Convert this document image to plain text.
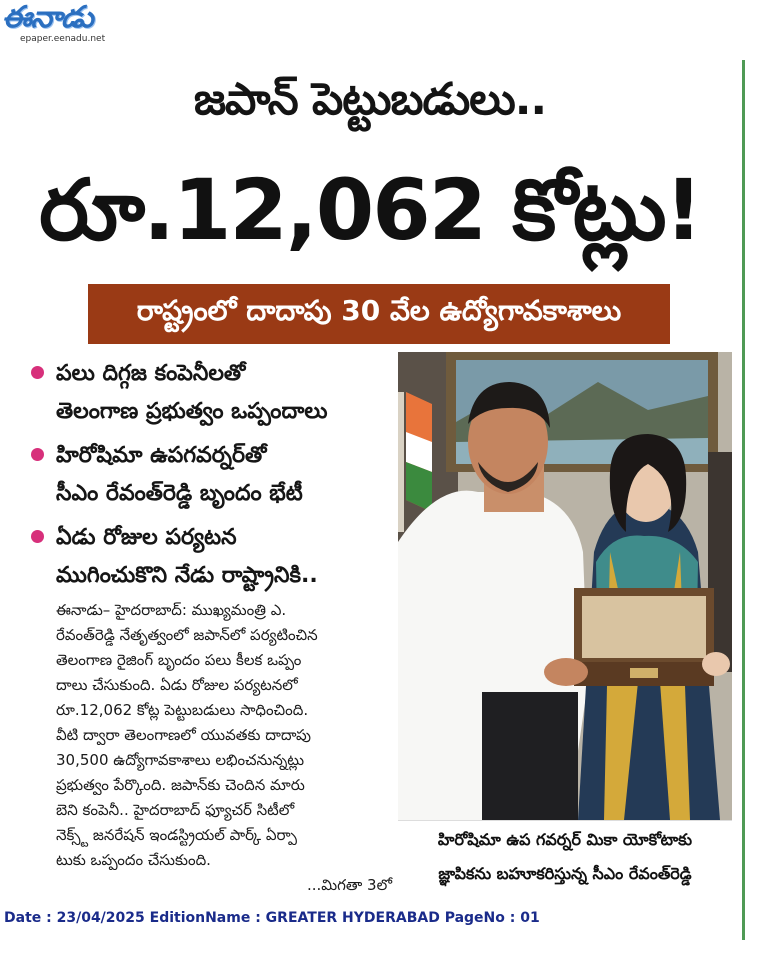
ఈనాడు
epaper.eenadu.net
జపాన్ పెట్టుబడులు..
రూ.12,062 కోట్లు!
రాష్ట్రంలో దాదాపు 30 వేల ఉద్యోగావకాశాలు
పలు దిగ్గజ కంపెనీలతో
తెలంగాణ ప్రభుత్వం ఒప్పందాలు
హిరోషిమా ఉపగవర్నర్‌తో
సీఎం రేవంత్‌రెడ్డి బృందం భేటీ
ఏడు రోజుల పర్యటన
ముగించుకొని నేడు రాష్ట్రానికి..

ఈనాడు– హైదరాబాద్: ముఖ్యమంత్రి ఎ.

రేవంత్‌రెడ్డి నేతృత్వంలో జపాన్‌లో పర్యటించిన

తెలంగాణ రైజింగ్ బృందం పలు కీలక ఒప్పం

దాలు చేసుకుంది. ఏడు రోజుల పర్యటనలో

రూ.12,062 కోట్ల పెట్టుబడులు సాధించింది.

వీటి ద్వారా తెలంగాణలో యువతకు దాదాపు

30,500 ఉద్యోగావకాశాలు లభించనున్నట్లు

ప్రభుత్వం పేర్కొంది. జపాన్‌కు చెందిన మారు

బెని కంపెనీ.. హైదరాబాద్ ఫ్యూచర్ సిటీలో

నెక్స్ట్ జనరేషన్ ఇండస్ట్రియల్ పార్క్ ఏర్పా

టుకు ఒప్పందం చేసుకుంది.

...మిగతా 3లో

హిరోషిమా ఉప గవర్నర్ మికా యోకోటాకు

జ్ఞాపికను బహూకరిస్తున్న సీఎం రేవంత్‌రెడ్డి

Date : 23/04/2025 EditionName : GREATER HYDERABAD PageNo : 01
